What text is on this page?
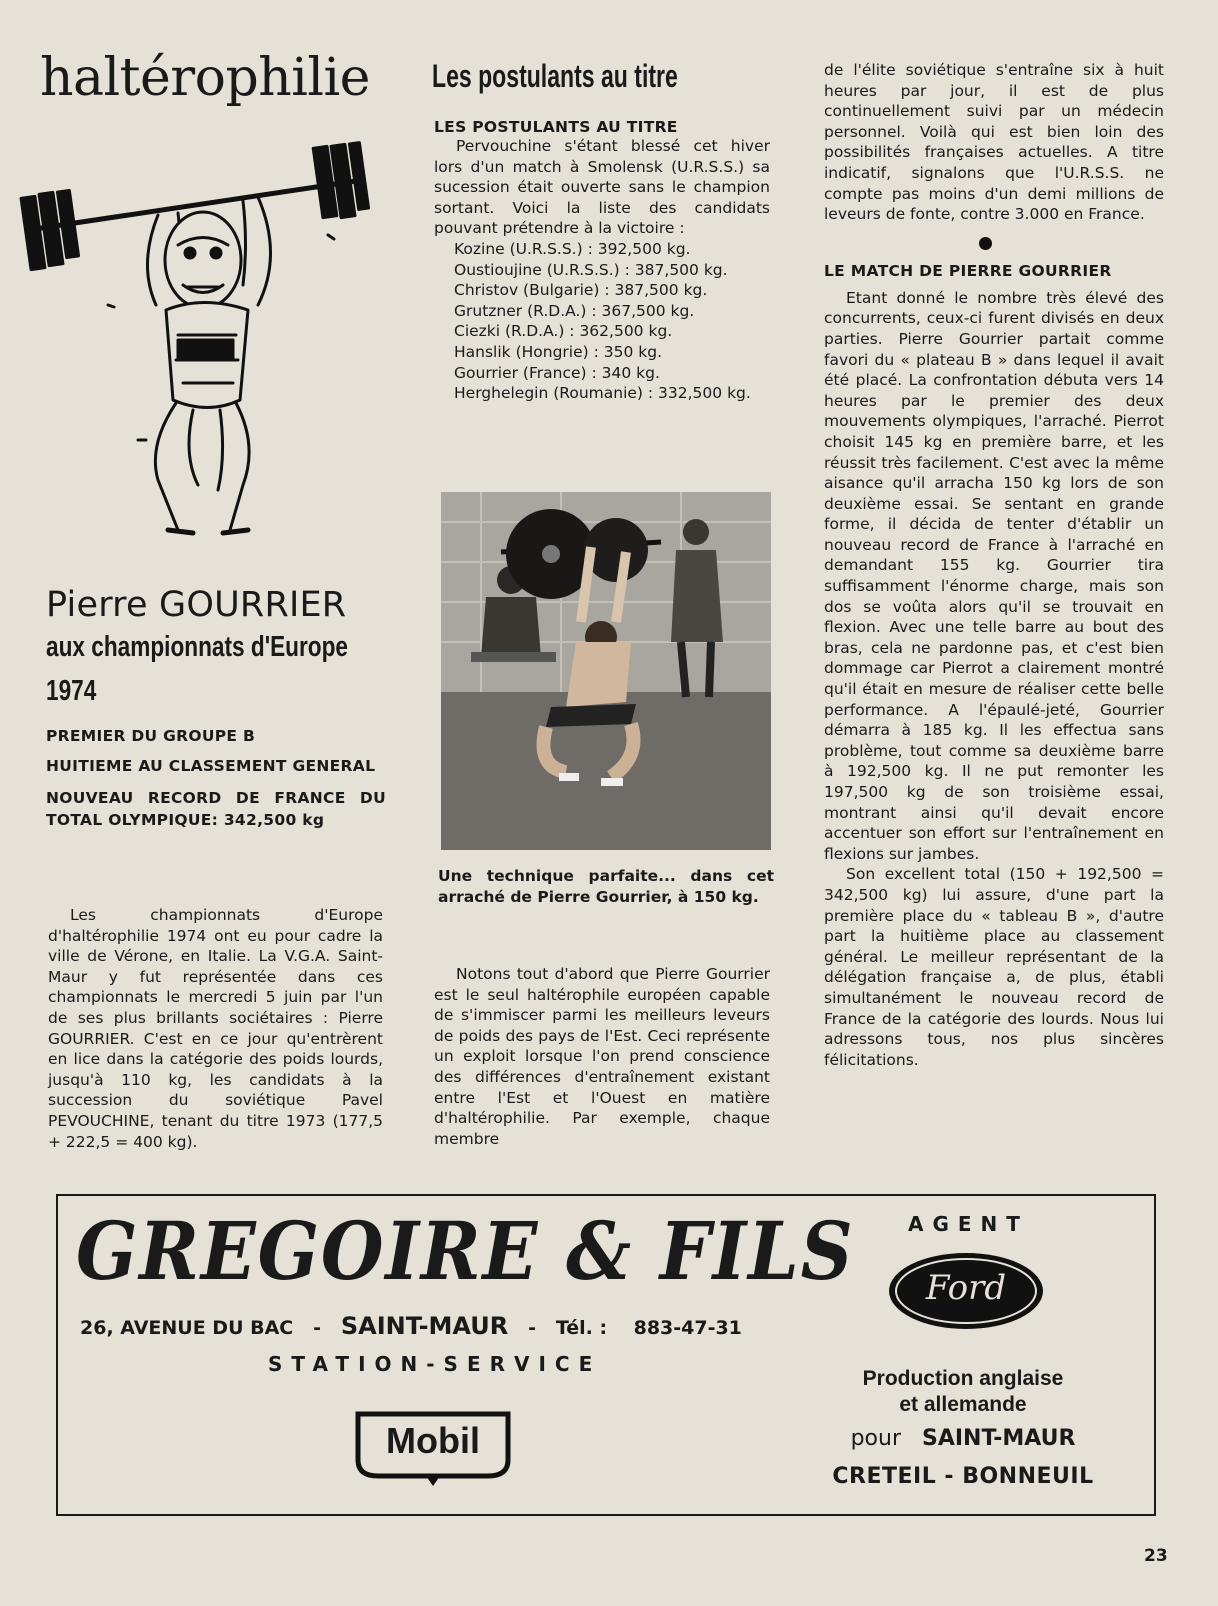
haltérophilie
Pierre GOURRIER
aux championnats d'Europe
1974

PREMIER DU GROUPE B

HUITIEME AU CLASSEMENT GENERAL

NOUVEAU RECORD DE FRANCE DU TOTAL OLYMPIQUE: 342,500 kg

Les championnats d'Europe d'haltérophilie 1974 ont eu pour cadre la ville de Vérone, en Italie. La V.G.A. Saint-Maur y fut représentée dans ces championnats le mercredi 5 juin par l'un de ses plus brillants sociétaires : Pierre GOURRIER. C'est en ce jour qu'entrèrent en lice dans la catégorie des poids lourds, jusqu'à 110 kg, les candidats à la succession du soviétique Pavel PEVOUCHINE, tenant du titre 1973 (177,5 + 222,5 = 400 kg).

Les postulants au titre

LES POSTULANTS AU TITRE

Pervouchine s'étant blessé cet hiver lors d'un match à Smolensk (U.R.S.S.) sa sucession était ouverte sans le champion sortant. Voici la liste des candidats pouvant prétendre à la victoire :

Kozine (U.R.S.S.) : 392,500 kg.
Oustioujine (U.R.S.S.) : 387,500 kg.
Christov (Bulgarie) : 387,500 kg.
Grutzner (R.D.A.) : 367,500 kg.
Ciezki (R.D.A.) : 362,500 kg.
Hanslik (Hongrie) : 350 kg.
Gourrier (France) : 340 kg.
Herghelegin (Roumanie) : 332,500 kg.
Une technique parfaite... dans cet arraché de Pierre Gourrier, à 150 kg.

Notons tout d'abord que Pierre Gourrier est le seul haltérophile européen capable de s'immiscer parmi les meilleurs leveurs de poids des pays de l'Est. Ceci représente un exploit lorsque l'on prend conscience des différences d'entraînement existant entre l'Est et l'Ouest en matière d'haltérophilie. Par exemple, chaque membre

de l'élite soviétique s'entraîne six à huit heures par jour, il est de plus continuellement suivi par un médecin personnel. Voilà qui est bien loin des possibilités françaises actuelles. A titre indicatif, signalons que l'U.R.S.S. ne compte pas moins d'un demi millions de leveurs de fonte, contre 3.000 en France.

LE MATCH DE PIERRE GOURRIER

Etant donné le nombre très élevé des concurrents, ceux-ci furent divisés en deux parties. Pierre Gourrier partait comme favori du « plateau B » dans lequel il avait été placé. La confrontation débuta vers 14 heures par le premier des deux mouvements olympiques, l'arraché. Pierrot choisit 145 kg en première barre, et les réussit très facilement. C'est avec la même aisance qu'il arracha 150 kg lors de son deuxième essai. Se sentant en grande forme, il décida de tenter d'établir un nouveau record de France à l'arraché en demandant 155 kg. Gourrier tira suffisamment l'énorme charge, mais son dos se voûta alors qu'il se trouvait en flexion. Avec une telle barre au bout des bras, cela ne pardonne pas, et c'est bien dommage car Pierrot a clairement montré qu'il était en mesure de réaliser cette belle performance. A l'épaulé-jeté, Gourrier démarra à 185 kg. Il les effectua sans problème, tout comme sa deuxième barre à 192,500 kg. Il ne put remonter les 197,500 kg de son troisième essai, montrant ainsi qu'il devait encore accentuer son effort sur l'entraînement en flexions sur jambes.

Son excellent total (150 + 192,500 = 342,500 kg) lui assure, d'une part la première place du « tableau B », d'autre part la huitième place au classement général. Le meilleur représentant de la délégation française a, de plus, établi simultanément le nouveau record de France de la catégorie des lourds. Nous lui adressons tous, nos plus sincères félicitations.

GREGOIRE & FILS
26, AVENUE DU BAC - SAINT-MAUR - Tél. : 883-47-31
STATION-SERVICE
Mobil
AGENT
Ford
Production anglaise
et allemande
pour SAINT-MAUR
CRETEIL - BONNEUIL
23
